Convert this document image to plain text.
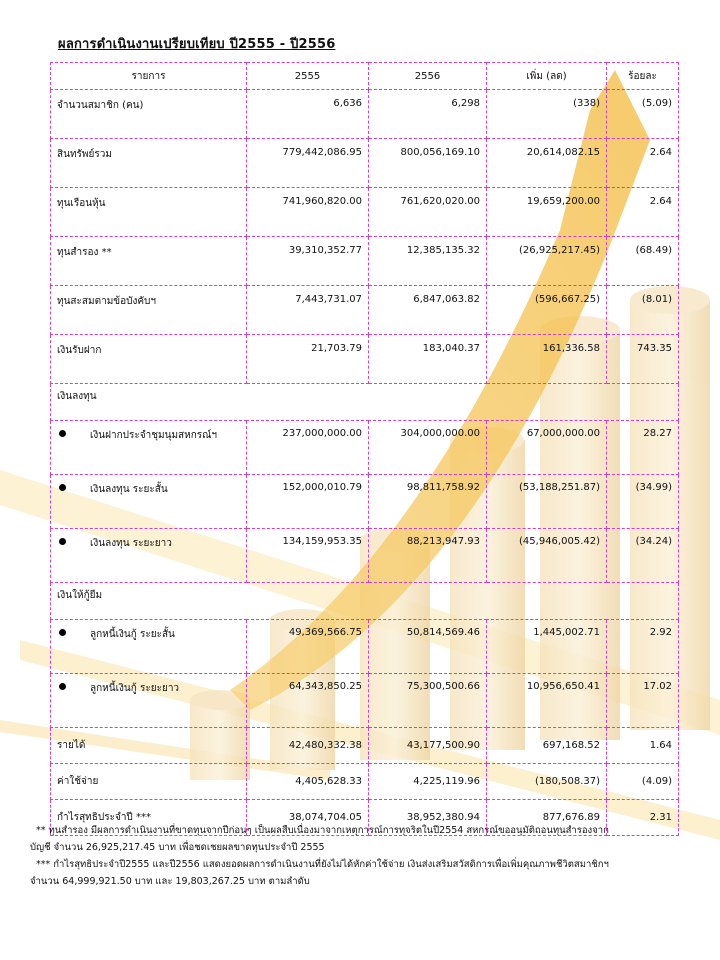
ผลการดำเนินงานเปรียบเทียบ ปี2555 - ปี2556
รายการ	2555	2556	เพิ่ม (ลด)	ร้อยละ
จำนวนสมาชิก (คน)	6,636	6,298	(338)	(5.09)
สินทรัพย์รวม	779,442,086.95	800,056,169.10	20,614,082.15	2.64
ทุนเรือนหุ้น	741,960,820.00	761,620,020.00	19,659,200.00	2.64
ทุนสำรอง **	39,310,352.77	12,385,135.32	(26,925,217.45)	(68.49)
ทุนสะสมตามข้อบังคับฯ	7,443,731.07	6,847,063.82	(596,667.25)	(8.01)
เงินรับฝาก	21,703.79	183,040.37	161,336.58	743.35
เงินลงทุน				
เงินฝากประจำชุมนุมสหกรณ์ฯ	237,000,000.00	304,000,000.00	67,000,000.00	28.27
เงินลงทุน ระยะสั้น	152,000,010.79	98,811,758.92	(53,188,251.87)	(34.99)
เงินลงทุน ระยะยาว	134,159,953.35	88,213,947.93	(45,946,005.42)	(34.24)
เงินให้กู้ยืม				
ลูกหนี้เงินกู้ ระยะสั้น	49,369,566.75	50,814,569.46	1,445,002.71	2.92
ลูกหนี้เงินกู้ ระยะยาว	64,343,850.25	75,300,500.66	10,956,650.41	17.02
รายได้	42,480,332.38	43,177,500.90	697,168.52	1.64
ค่าใช้จ่าย	4,405,628.33	4,225,119.96	(180,508.37)	(4.09)
กำไรสุทธิประจำปี ***	38,074,704.05	38,952,380.94	877,676.89	2.31

** ทุนสำรอง มีผลการดำเนินงานที่ขาดทุนจากปีก่อนๆ เป็นผลสืบเนื่องมาจากเหตุการณ์การทุจริตในปี2554 สหกรณ์ขออนุมัติถอนทุนสำรองจาก

บัญชี จำนวน 26,925,217.45 บาท เพื่อชดเชยผลขาดทุนประจำปี 2555

*** กำไรสุทธิประจำปี2555 และปี2556 แสดงยอดผลการดำเนินงานที่ยังไม่ได้หักค่าใช้จ่าย เงินส่งเสริมสวัสดิการเพื่อเพิ่มคุณภาพชีวิตสมาชิกฯ

จำนวน 64,999,921.50 บาท และ 19,803,267.25 บาท ตามลำดับ
